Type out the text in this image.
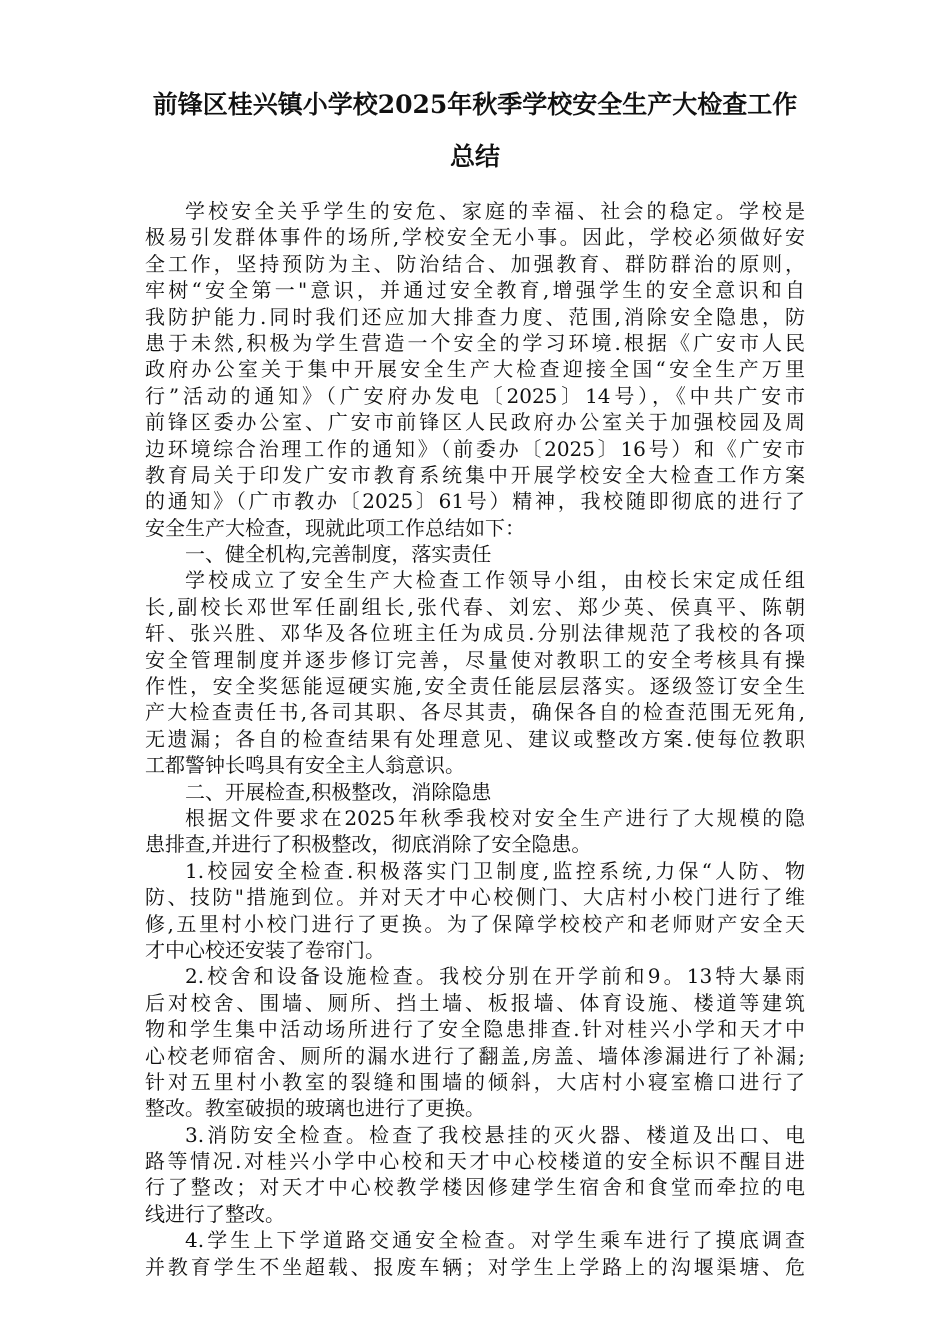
前锋区桂兴镇小学校2025年秋季学校安全生产大检查工作
总结
学校安全关乎学生的安危、家庭的幸福、社会的稳定。学校是
极易引发群体事件的场所,学校安全无小事。因此，学校必须做好安
全工作，坚持预防为主、防治结合、加强教育、群防群治的原则，
牢树“安全第一"意识，并通过安全教育,增强学生的安全意识和自
我防护能力.同时我们还应加大排查力度、范围,消除安全隐患，防
患于未然,积极为学生营造一个安全的学习环境.根据《广安市人民
政府办公室关于集中开展安全生产大检查迎接全国“安全生产万里
行”活动的通知》（广安府办发电〔2025〕14号），《中共广安市
前锋区委办公室、广安市前锋区人民政府办公室关于加强校园及周
边环境综合治理工作的通知》（前委办〔2025〕16号）和《广安市
教育局关于印发广安市教育系统集中开展学校安全大检查工作方案
的通知》（广市教办〔2025〕61号）精神，我校随即彻底的进行了
安全生产大检查，现就此项工作总结如下：
一、健全机构,完善制度，落实责任
学校成立了安全生产大检查工作领导小组，由校长宋定成任组
长,副校长邓世军任副组长,张代春、刘宏、郑少英、侯真平、陈朝
轩、张兴胜、邓华及各位班主任为成员.分别法律规范了我校的各项
安全管理制度并逐步修订完善，尽量使对教职工的安全考核具有操
作性，安全奖惩能逗硬实施,安全责任能层层落实。逐级签订安全生
产大检查责任书,各司其职、各尽其责，确保各自的检查范围无死角,
无遗漏；各自的检查结果有处理意见、建议或整改方案.使每位教职
工都警钟长鸣具有安全主人翁意识。
二、开展检查,积极整改，消除隐患
根据文件要求在2025年秋季我校对安全生产进行了大规模的隐
患排查,并进行了积极整改，彻底消除了安全隐患。
1.校园安全检查.积极落实门卫制度,监控系统,力保“人防、物
防、技防"措施到位。并对天才中心校侧门、大店村小校门进行了维
修,五里村小校门进行了更换。为了保障学校校产和老师财产安全天
才中心校还安装了卷帘门。
2.校舍和设备设施检查。我校分别在开学前和9。13特大暴雨
后对校舍、围墙、厕所、挡土墙、板报墙、体育设施、楼道等建筑
物和学生集中活动场所进行了安全隐患排查.针对桂兴小学和天才中
心校老师宿舍、厕所的漏水进行了翻盖,房盖、墙体渗漏进行了补漏;
针对五里村小教室的裂缝和围墙的倾斜，大店村小寝室檐口进行了
整改。教室破损的玻璃也进行了更换。
3.消防安全检查。检查了我校悬挂的灭火器、楼道及出口、电
路等情况.对桂兴小学中心校和天才中心校楼道的安全标识不醒目进
行了整改；对天才中心校教学楼因修建学生宿舍和食堂而牵拉的电
线进行了整改。
4.学生上下学道路交通安全检查。对学生乘车进行了摸底调查
并教育学生不坐超载、报废车辆；对学生上学路上的沟堰渠塘、危
